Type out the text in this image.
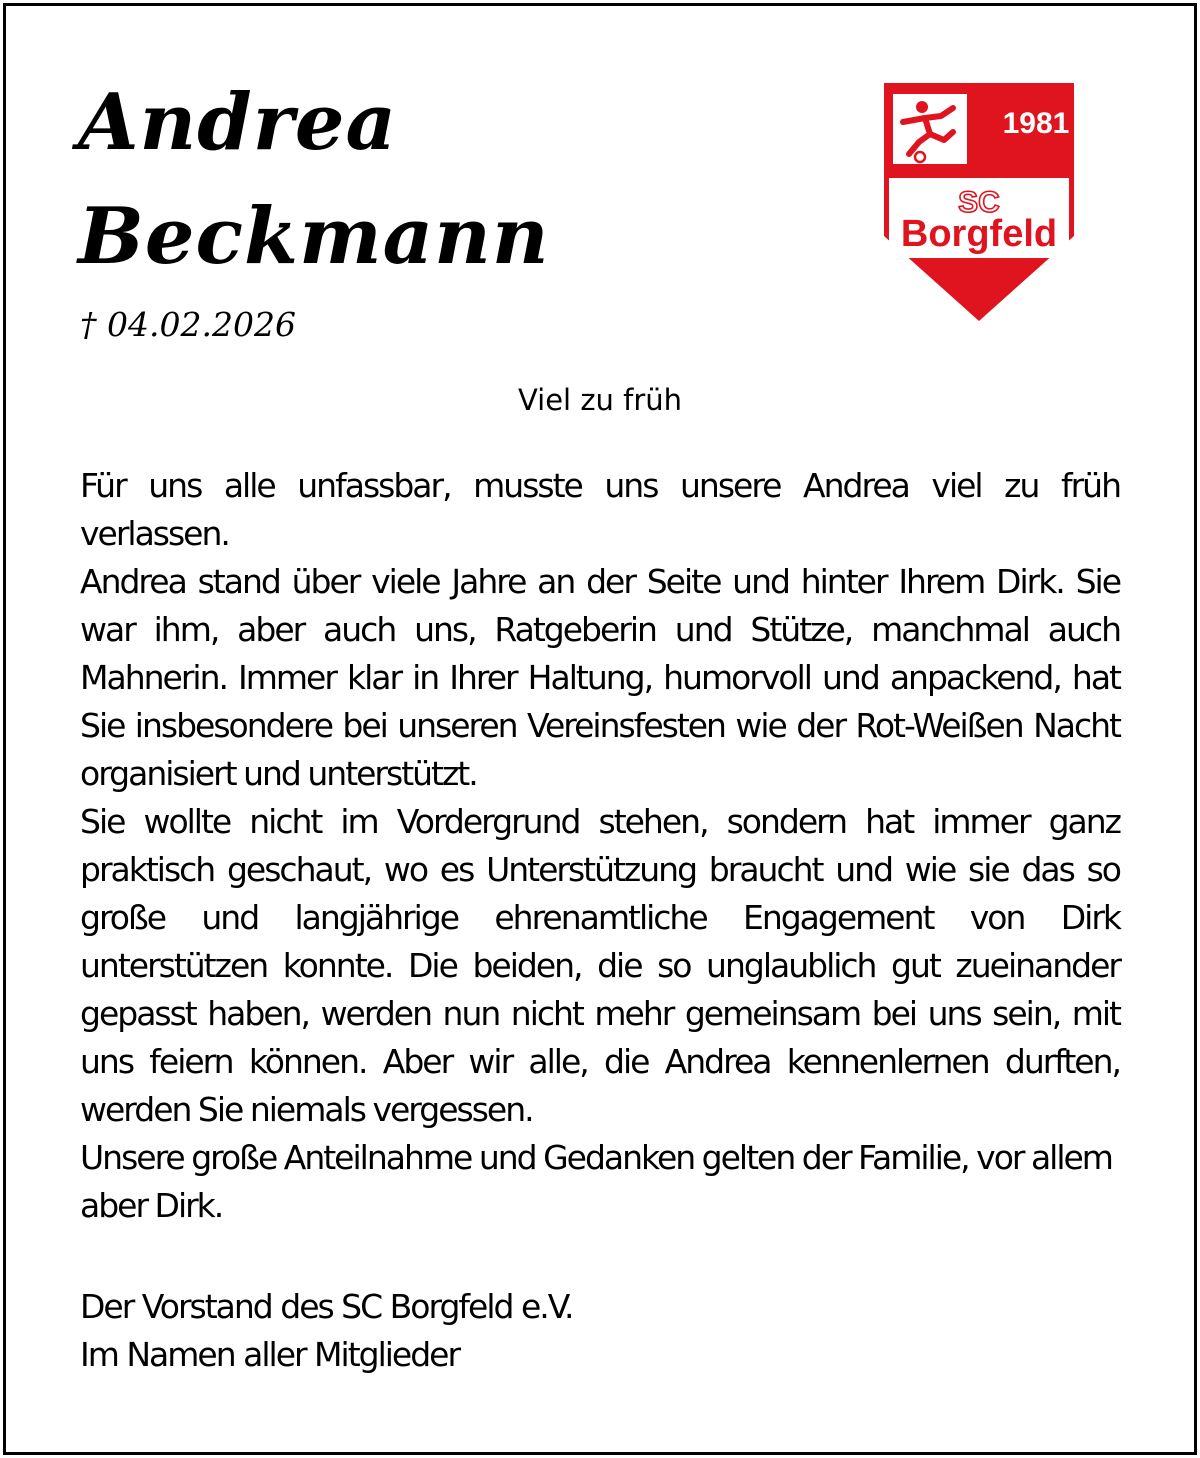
Andrea
Beckmann
† 04.02.2026
1981
SC
Borgfeld
Viel zu früh

Für uns alle unfassbar, musste uns unsere Andrea viel zu früh verlassen.

Andrea stand über viele Jahre an der Seite und hinter Ihrem Dirk. Sie war ihm, aber auch uns, Ratgeberin und Stütze, manchmal auch Mahnerin. Immer klar in Ihrer Haltung, humorvoll und anpackend, hat Sie insbesondere bei unseren Vereinsfesten wie der Rot-Weißen Nacht organisiert und unterstützt.

Sie wollte nicht im Vordergrund stehen, sondern hat immer ganz praktisch geschaut, wo es Unterstützung braucht und wie sie das so große und langjährige ehrenamtliche Engagement von Dirk unterstützen konnte. Die beiden, die so unglaublich gut zueinander gepasst haben, werden nun nicht mehr gemeinsam bei uns sein, mit uns feiern können. Aber wir alle, die Andrea kennenlernen durften, werden Sie niemals vergessen.

Unsere große Anteilnahme und Gedanken gelten der Familie, vor allem aber Dirk.

Der Vorstand des SC Borgfeld e.V.
Im Namen aller Mitglieder
